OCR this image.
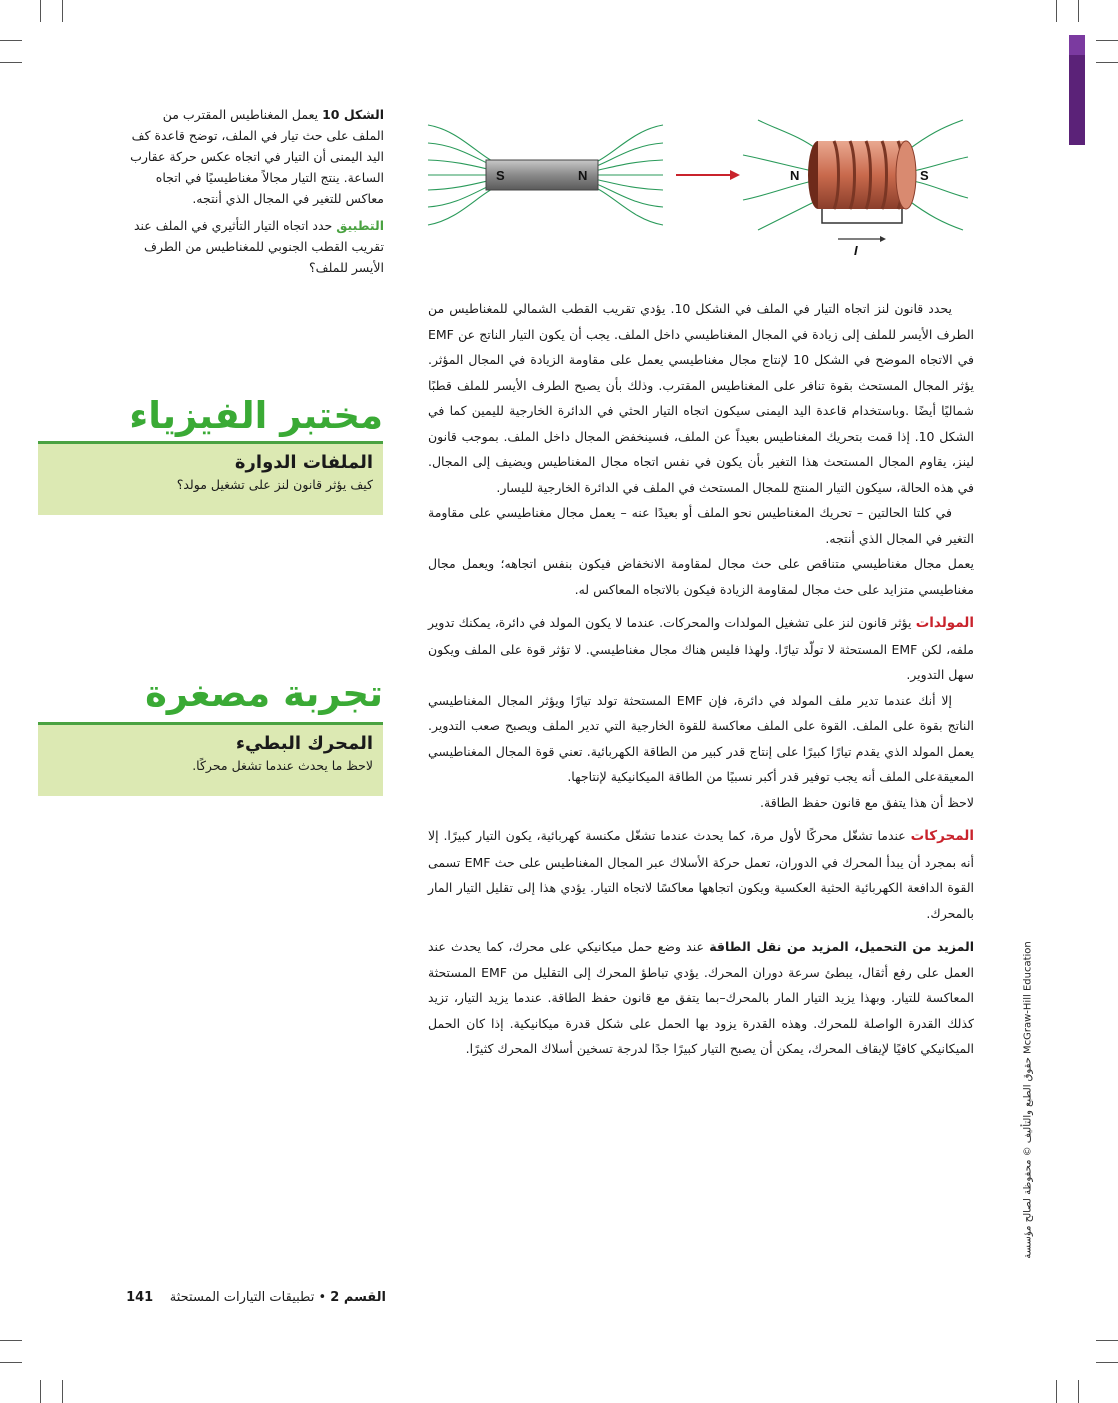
S	N	N	S
I

الشكل 10 يعمل المغناطيس المقترب من الملف على حث تيار في الملف، توضح قاعدة كف اليد اليمنى أن التيار في اتجاه عكس حركة عقارب الساعة. ينتج التيار مجالاً مغناطيسيًا في اتجاه معاكس للتغير في المجال الذي أنتجه.

التطبيق حدد اتجاه التيار التأثيري في الملف عند تقريب القطب الجنوبي للمغناطيس من الطرف الأيسر للملف؟

مختبر الفيزياء
الملفات الدوارة
كيف يؤثر قانون لنز على تشغيل مولد؟
تجربة مصغرة
المحرك البطيء
لاحظ ما يحدث عندما تشغل محركًا.

يحدد قانون لنز اتجاه التيار في الملف في الشكل 10. يؤدي تقريب القطب الشمالي للمغناطيس من الطرف الأيسر للملف إلى زيادة في المجال المغناطيسي داخل الملف. يجب أن يكون التيار الناتج عن EMF في الاتجاه الموضح في الشكل 10 لإنتاج مجال مغناطيسي يعمل على مقاومة الزيادة في المجال المؤثر. يؤثر المجال المستحث بقوة تنافر على المغناطيس المقترب. وذلك بأن يصبح الطرف الأيسر للملف قطبًا شماليًا أيضًا .وباستخدام قاعدة اليد اليمنى سيكون اتجاه التيار الحثي في الدائرة الخارجية لليمين كما في الشكل 10. إذا قمت بتحريك المغناطيس بعيداً عن الملف، فسينخفض المجال داخل الملف. بموجب قانون لينز، يقاوم المجال المستحث هذا التغير بأن يكون في نفس اتجاه مجال المغناطيس ويضيف إلى المجال. في هذه الحالة، سيكون التيار المنتج للمجال المستحث في الملف في الدائرة الخارجية لليسار.

في كلتا الحالتين – تحريك المغناطيس نحو الملف أو بعيدًا عنه – يعمل مجال مغناطيسي على مقاومة التغير في المجال الذي أنتجه.

يعمل مجال مغناطيسي متناقص على حث مجال لمقاومة الانخفاض فيكون بنفس اتجاهه؛ ويعمل مجال مغناطيسي متزايد على حث مجال لمقاومة الزيادة فيكون بالاتجاه المعاكس له.

المولدات يؤثر قانون لنز على تشغيل المولدات والمحركات. عندما لا يكون المولد في دائرة، يمكنك تدوير ملفه، لكن EMF المستحثة لا تولّد تيارًا. ولهذا فليس هناك مجال مغناطيسي. لا تؤثر قوة على الملف ويكون سهل التدوير.

إلا أنك عندما تدير ملف المولد في دائرة، فإن EMF المستحثة تولد تيارًا ويؤثر المجال المغناطيسي الناتج بقوة على الملف. القوة على الملف معاكسة للقوة الخارجية التي تدير الملف ويصبح صعب التدوير. يعمل المولد الذي يقدم تيارًا كبيرًا على إنتاج قدر كبير من الطاقة الكهربائية. تعني قوة المجال المغناطيسي المعيقةعلى الملف أنه يجب توفير قدر أكبر نسبيًا من الطاقة الميكانيكية لإنتاجها.

لاحظ أن هذا يتفق مع قانون حفظ الطاقة.

المحركات عندما تشغّل محركًا لأول مرة، كما يحدث عندما تشغّل مكنسة كهربائية، يكون التيار كبيرًا. إلا أنه بمجرد أن يبدأ المحرك في الدوران، تعمل حركة الأسلاك عبر المجال المغناطيس على حث EMF تسمى القوة الدافعة الكهربائية الحثية العكسية ويكون اتجاهها معاكسًا لاتجاه التيار. يؤدي هذا إلى تقليل التيار المار بالمحرك.

المزيد من التحميل، المزيد من نقل الطاقة عند وضع حمل ميكانيكي على محرك، كما يحدث عند العمل على رفع أثقال، يبطئ سرعة دوران المحرك. يؤدي تباطؤ المحرك إلى التقليل من EMF المستحثة المعاكسة للتيار. وبهذا يزيد التيار المار بالمحرك–بما يتفق مع قانون حفظ الطاقة. عندما يزيد التيار، تزيد كذلك القدرة الواصلة للمحرك. وهذه القدرة يزود بها الحمل على شكل قدرة ميكانيكية. إذا كان الحمل الميكانيكي كافيًا لإيقاف المحرك، يمكن أن يصبح التيار كبيرًا جدًا لدرجة تسخين أسلاك المحرك كثيرًا.

حقوق الطبع والتأليف © محفوظة لصالح مؤسسة McGraw-Hill Education
القسم 2 • تطبيقات التيارات المستحثة    141
